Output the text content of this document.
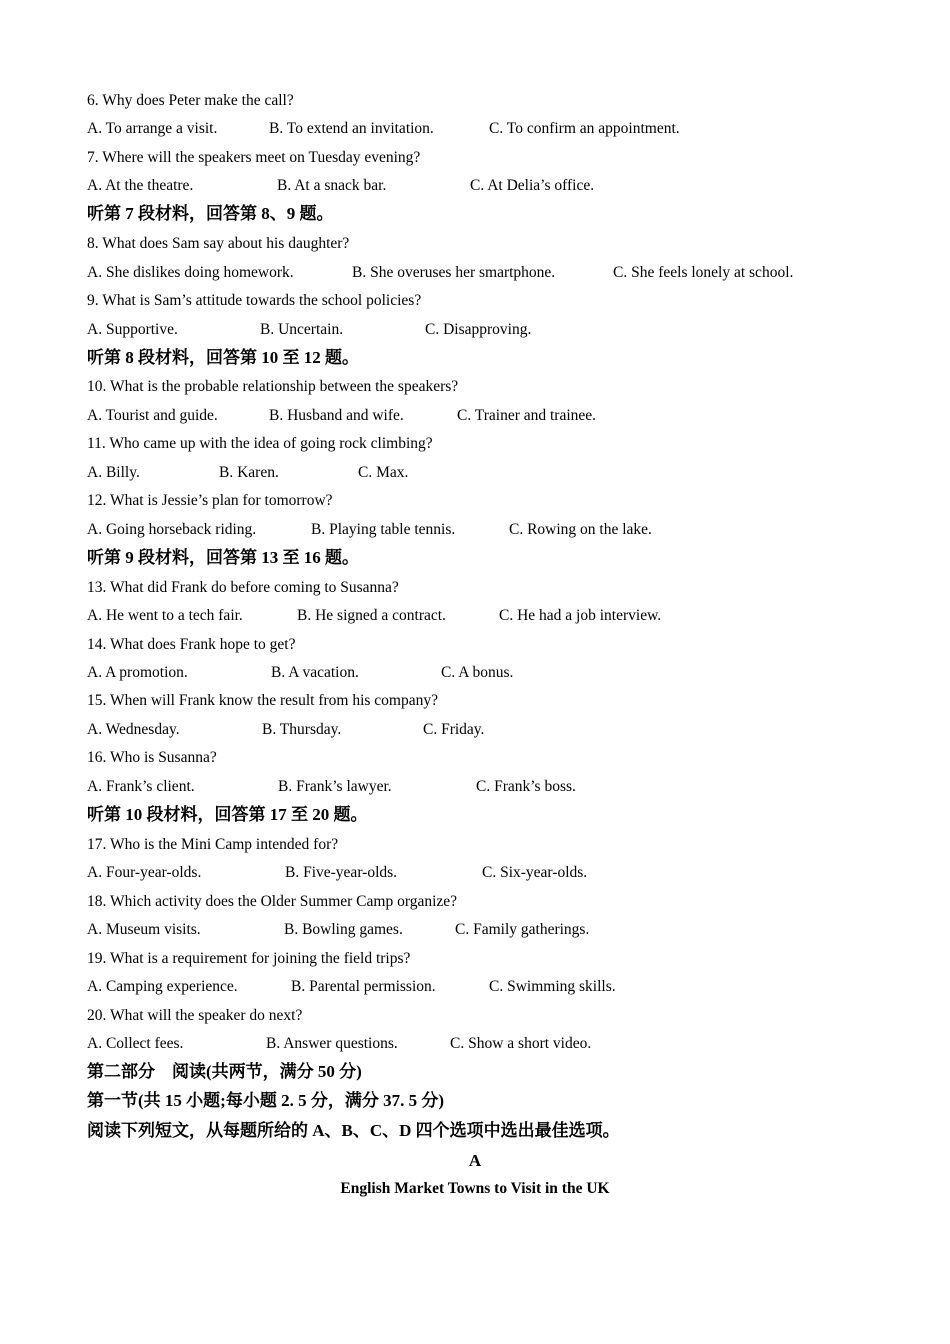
6. Why does Peter make the call?
A. To arrange a visit.	B. To extend an invitation.	C. To confirm an appointment.
7. Where will the speakers meet on Tuesday evening?
A. At the theatre.	B. At a snack bar.	C. At Delia’s office.
听第 7 段材料，回答第 8、9 题。
8. What does Sam say about his daughter?
A. She dislikes doing homework.	B. She overuses her smartphone.	C. She feels lonely at school.
9. What is Sam’s attitude towards the school policies?
A. Supportive.	B. Uncertain.	C. Disapproving.
听第 8 段材料，回答第 10 至 12 题。
10. What is the probable relationship between the speakers?
A. Tourist and guide.	B. Husband and wife.	C. Trainer and trainee.
11. Who came up with the idea of going rock climbing?
A. Billy.	B. Karen.	C. Max.
12. What is Jessie’s plan for tomorrow?
A. Going horseback riding.	B. Playing table tennis.	C. Rowing on the lake.
听第 9 段材料，回答第 13 至 16 题。
13. What did Frank do before coming to Susanna?
A. He went to a tech fair.	B. He signed a contract.	C. He had a job interview.
14. What does Frank hope to get?
A. A promotion.	B. A vacation.	C. A bonus.
15. When will Frank know the result from his company?
A. Wednesday.	B. Thursday.	C. Friday.
16. Who is Susanna?
A. Frank’s client.	B. Frank’s lawyer.	C. Frank’s boss.
听第 10 段材料，回答第 17 至 20 题。
17. Who is the Mini Camp intended for?
A. Four-year-olds.	B. Five-year-olds.	C. Six-year-olds.
18. Which activity does the Older Summer Camp organize?
A. Museum visits.	B. Bowling games.	C. Family gatherings.
19. What is a requirement for joining the field trips?
A. Camping experience.	B. Parental permission.	C. Swimming skills.
20. What will the speaker do next?
A. Collect fees.	B. Answer questions.	C. Show a short video.
第二部分　阅读(共两节，满分 50 分)
第一节(共 15 小题;每小题 2. 5 分，满分 37. 5 分)
阅读下列短文，从每题所给的 A、B、C、D 四个选项中选出最佳选项。
A
English Market Towns to Visit in the UK
